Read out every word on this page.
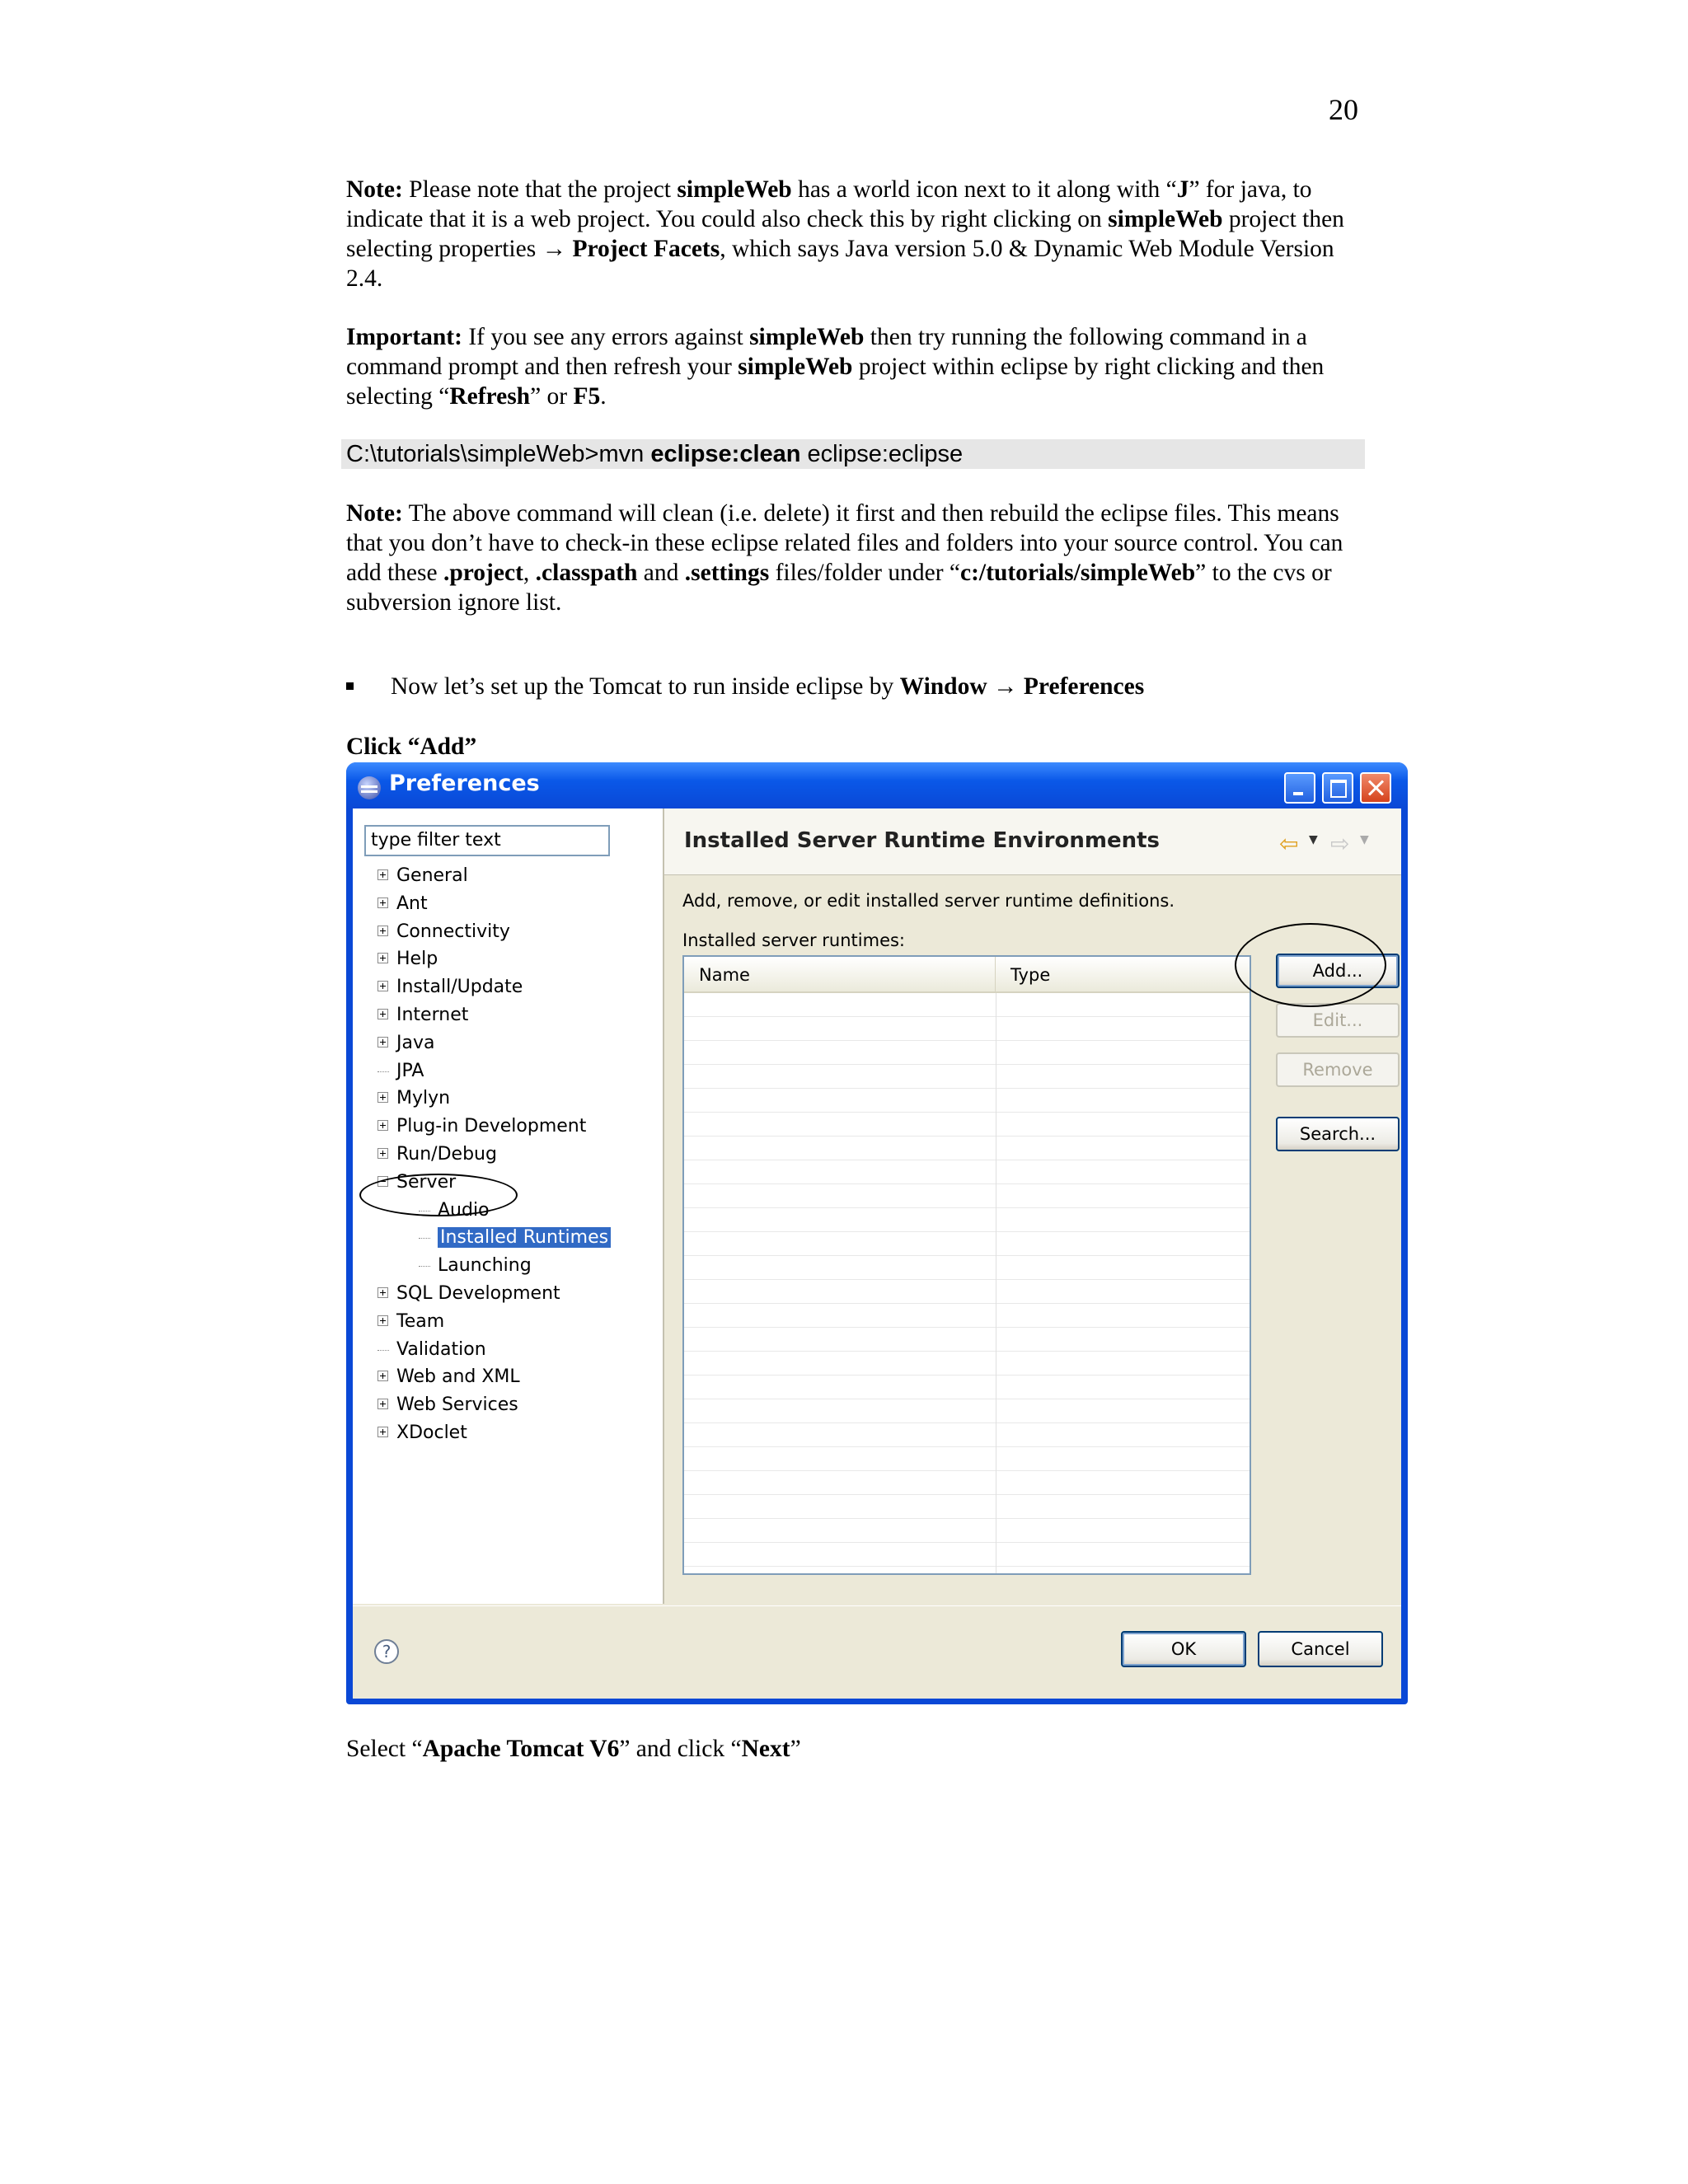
20
Note: Please note that the project simpleWeb has a world icon next to it along with “J” for java, to indicate that it is a web project. You could also check this by right clicking on simpleWeb project then selecting properties → Project Facets, which says Java version 5.0 & Dynamic Web Module Version 2.4.
Important: If you see any errors against simpleWeb then try running the following command in a command prompt and then refresh your simpleWeb project within eclipse by right clicking and then selecting “Refresh” or F5.
C:\tutorials\simpleWeb>mvn eclipse:clean eclipse:eclipse
Note: The above command will clean (i.e. delete) it first and then rebuild the eclipse files. This means that you don’t have to check-in these eclipse related files and folders into your source control. You can add these .project, .classpath and .settings files/folder under “c:/tutorials/simpleWeb” to the cvs or subversion ignore list.
Now let’s set up the Tomcat to run inside eclipse by Window → Preferences
Click “Add”
Preferences
type filter text
General
Ant
Connectivity
Help
Install/Update
Internet
Java
JPA
Mylyn
Plug-in Development
Run/Debug
Server
Audio
Installed Runtimes
Launching
SQL Development
Team
Validation
Web and XML
Web Services
XDoclet
Installed Server Runtime Environments	⇦ ▼ ⇨ ▼
Add, remove, or edit installed server runtime definitions.
Installed server runtimes:
Name	Type	Add...
Edit...
Remove
Search...
?	OK	Cancel
Select “Apache Tomcat V6” and click “Next”
